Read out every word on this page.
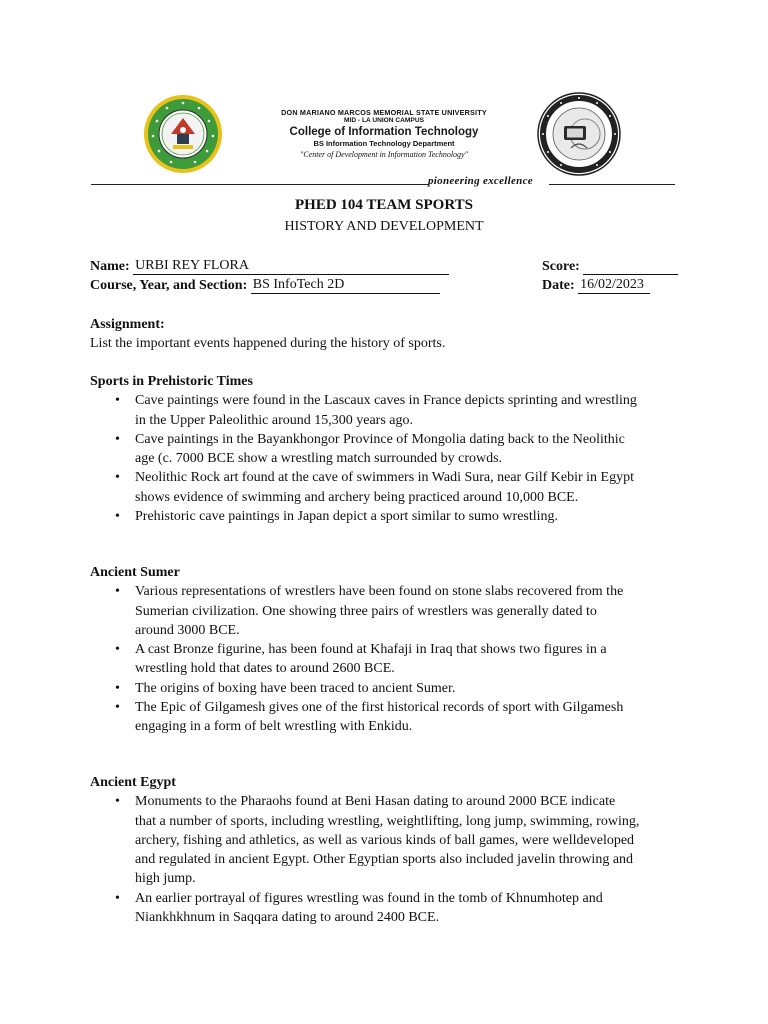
DON MARIANO MARCOS MEMORIAL STATE UNIVERSITY
MID - LA UNION CAMPUS
College of Information Technology
BS Information Technology Department
"Center of Development in Information Technology"
pioneering excellence
PHED 104 TEAM SPORTS
HISTORY AND DEVELOPMENT
Name: URBI REY FLORA	Score:
Course, Year, and Section: BS InfoTech 2D	Date: 16/02/2023
Assignment:
List the important events happened during the history of sports.
Sports in Prehistoric Times
• Cave paintings were found in the Lascaux caves in France depicts sprinting and wrestling
in the Upper Paleolithic around 15,300 years ago.
• Cave paintings in the Bayankhongor Province of Mongolia dating back to the Neolithic
age (c. 7000 BCE show a wrestling match surrounded by crowds.
• Neolithic Rock art found at the cave of swimmers in Wadi Sura, near Gilf Kebir in Egypt
shows evidence of swimming and archery being practiced around 10,000 BCE.
• Prehistoric cave paintings in Japan depict a sport similar to sumo wrestling.
Ancient Sumer
• Various representations of wrestlers have been found on stone slabs recovered from the
Sumerian civilization. One showing three pairs of wrestlers was generally dated to
around 3000 BCE.
• A cast Bronze figurine, has been found at Khafaji in Iraq that shows two figures in a
wrestling hold that dates to around 2600 BCE.
• The origins of boxing have been traced to ancient Sumer.
• The Epic of Gilgamesh gives one of the first historical records of sport with Gilgamesh
engaging in a form of belt wrestling with Enkidu.
Ancient Egypt
• Monuments to the Pharaohs found at Beni Hasan dating to around 2000 BCE indicate
that a number of sports, including wrestling, weightlifting, long jump, swimming, rowing,
archery, fishing and athletics, as well as various kinds of ball games, were welldeveloped
and regulated in ancient Egypt. Other Egyptian sports also included javelin throwing and
high jump.
• An earlier portrayal of figures wrestling was found in the tomb of Khnumhotep and
Niankhkhnum in Saqqara dating to around 2400 BCE.
